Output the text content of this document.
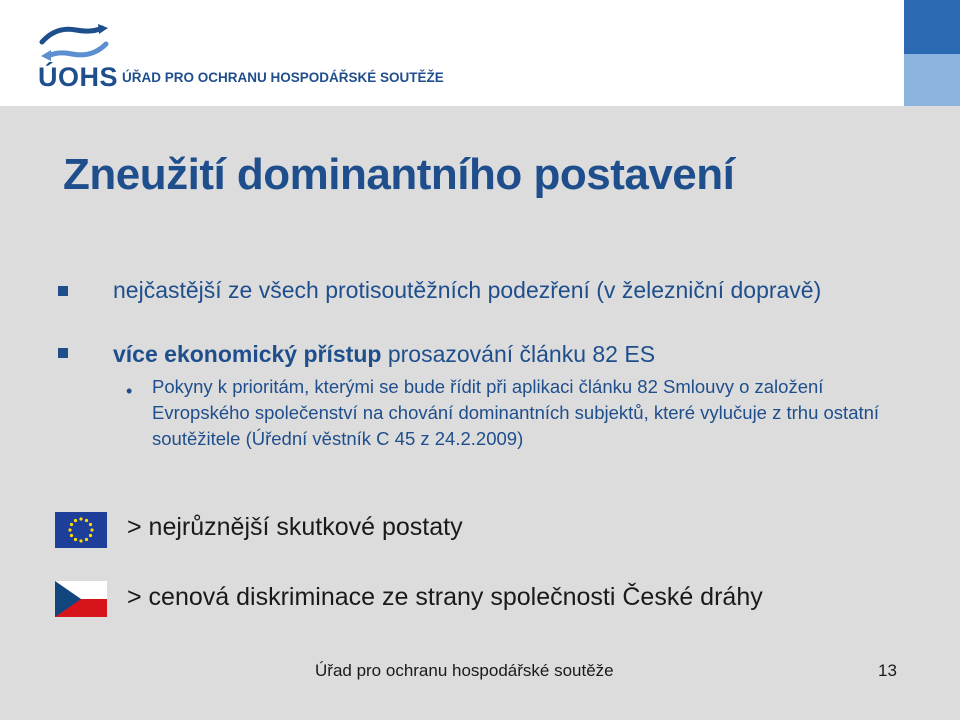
ÚOHS ÚŘAD PRO OCHRANU HOSPODÁŘSKÉ SOUTĚŽE
Zneužití dominantního postavení
nejčastější ze všech protisoutěžních podezření (v železniční dopravě)
více ekonomický přístup prosazování článku 82 ES
• Pokyny k prioritám, kterými se bude řídit při aplikaci článku 82 Smlouvy o založení Evropského společenství na chování dominantních subjektů, které vylučuje z trhu ostatní soutěžitele (Úřední věstník C 45 z 24.2.2009)
> nejrůznější skutkové postaty
> cenová diskriminace ze strany společnosti České dráhy
Úřad pro ochranu hospodářské soutěže	13
